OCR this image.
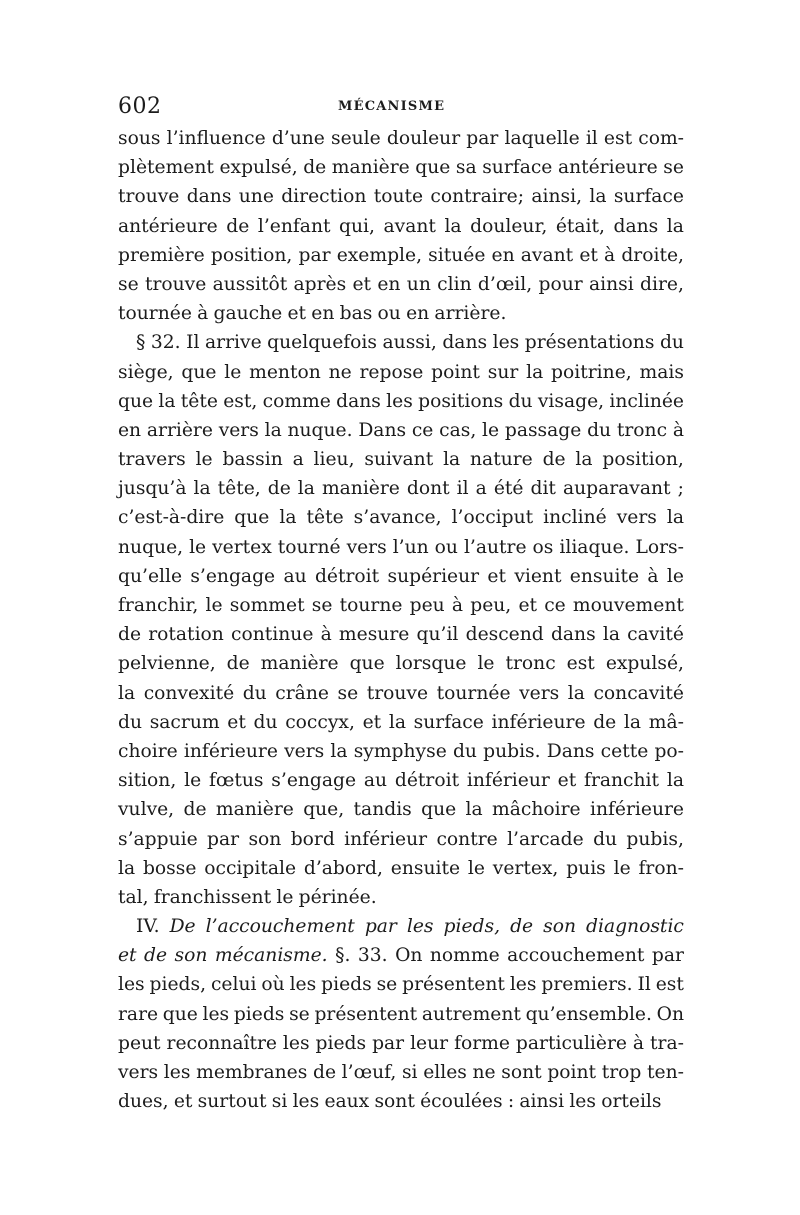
602	MÉCANISME
sous l’influence d’une seule douleur par laquelle il est com-
plètement expulsé, de manière que sa surface antérieure se
trouve dans une direction toute contraire; ainsi, la surface
antérieure de l’enfant qui, avant la douleur, était, dans la
première position, par exemple, située en avant et à droite,
se trouve aussitôt après et en un clin d’œil, pour ainsi dire,
tournée à gauche et en bas ou en arrière.
§ 32. Il arrive quelquefois aussi, dans les présentations du
siège, que le menton ne repose point sur la poitrine, mais
que la tête est, comme dans les positions du visage, inclinée
en arrière vers la nuque. Dans ce cas, le passage du tronc à
travers le bassin a lieu, suivant la nature de la position,
jusqu’à la tête, de la manière dont il a été dit auparavant ;
c’est-à-dire que la tête s’avance, l’occiput incliné vers la
nuque, le vertex tourné vers l’un ou l’autre os iliaque. Lors-
qu’elle s’engage au détroit supérieur et vient ensuite à le
franchir, le sommet se tourne peu à peu, et ce mouvement
de rotation continue à mesure qu’il descend dans la cavité
pelvienne, de manière que lorsque le tronc est expulsé,
la convexité du crâne se trouve tournée vers la concavité
du sacrum et du coccyx, et la surface inférieure de la mâ-
choire inférieure vers la symphyse du pubis. Dans cette po-
sition, le fœtus s’engage au détroit inférieur et franchit la
vulve, de manière que, tandis que la mâchoire inférieure
s’appuie par son bord inférieur contre l’arcade du pubis,
la bosse occipitale d’abord, ensuite le vertex, puis le fron-
tal, franchissent le périnée.
IV. De l’accouchement par les pieds, de son diagnostic
et de son mécanisme. §. 33. On nomme accouchement par
les pieds, celui où les pieds se présentent les premiers. Il est
rare que les pieds se présentent autrement qu’ensemble. On
peut reconnaître les pieds par leur forme particulière à tra-
vers les membranes de l’œuf, si elles ne sont point trop ten-
dues, et surtout si les eaux sont écoulées : ainsi les orteils
